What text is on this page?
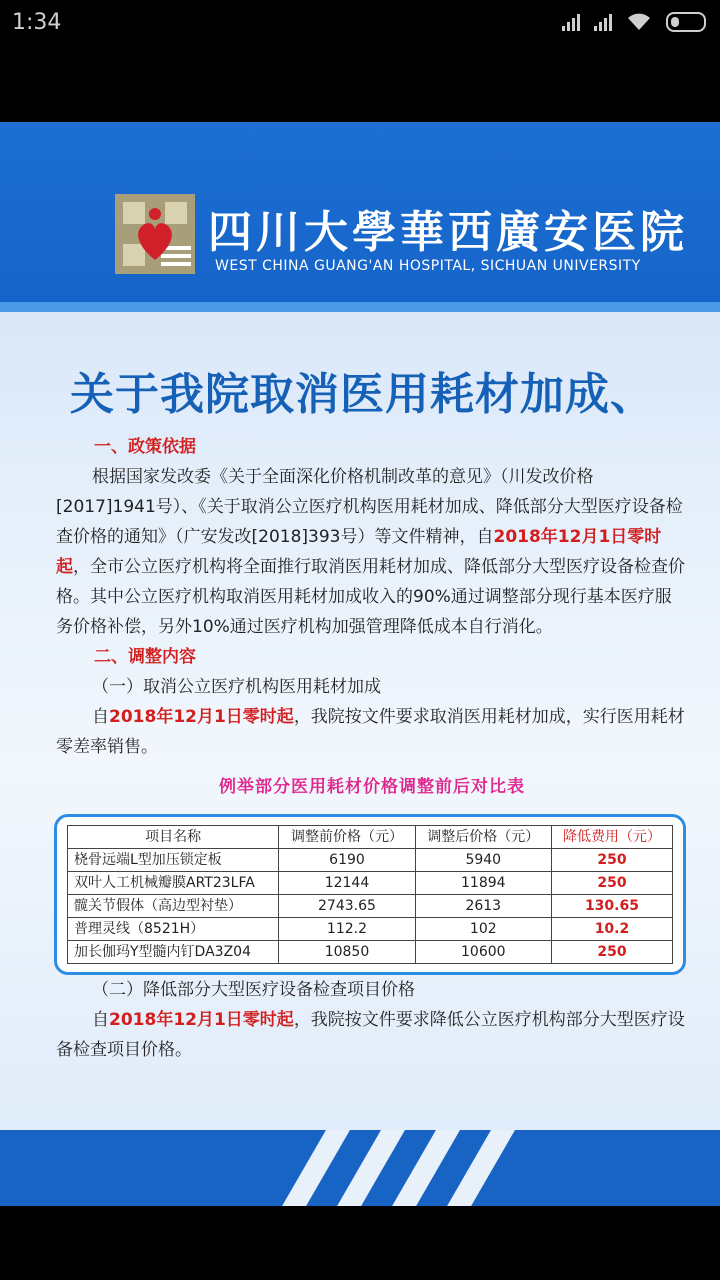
1:34
四川大學華西廣安医院
WEST CHINA GUANG'AN HOSPITAL, SICHUAN UNIVERSITY
关于我院取消医用耗材加成、

一、政策依据

根据国家发改委《关于全面深化价格机制改革的意见》（川发改价格[2017]1941号）、《关于取消公立医疗机构医用耗材加成、降低部分大型医疗设备检查价格的通知》（广安发改[2018]393号）等文件精神，自2018年12月1日零时起，全市公立医疗机构将全面推行取消医用耗材加成、降低部分大型医疗设备检查价格。其中公立医疗机构取消医用耗材加成收入的90%通过调整部分现行基本医疗服务价格补偿，另外10%通过医疗机构加强管理降低成本自行消化。

二、调整内容

（一）取消公立医疗机构医用耗材加成

自2018年12月1日零时起，我院按文件要求取消医用耗材加成，实行医用耗材零差率销售。

例举部分医用耗材价格调整前后对比表
项目名称	调整前价格（元）	调整后价格（元）	降低费用（元）
桡骨远端L型加压锁定板	6190	5940	250
双叶人工机械瓣膜ART23LFA	12144	11894	250
髋关节假体（高边型衬垫）	2743.65	2613	130.65
普理灵线（8521H）	112.2	102	10.2
加长伽玛Y型髓内钉DA3Z04	10850	10600	250

（二）降低部分大型医疗设备检查项目价格

自2018年12月1日零时起，我院按文件要求降低公立医疗机构部分大型医疗设备检查项目价格。
